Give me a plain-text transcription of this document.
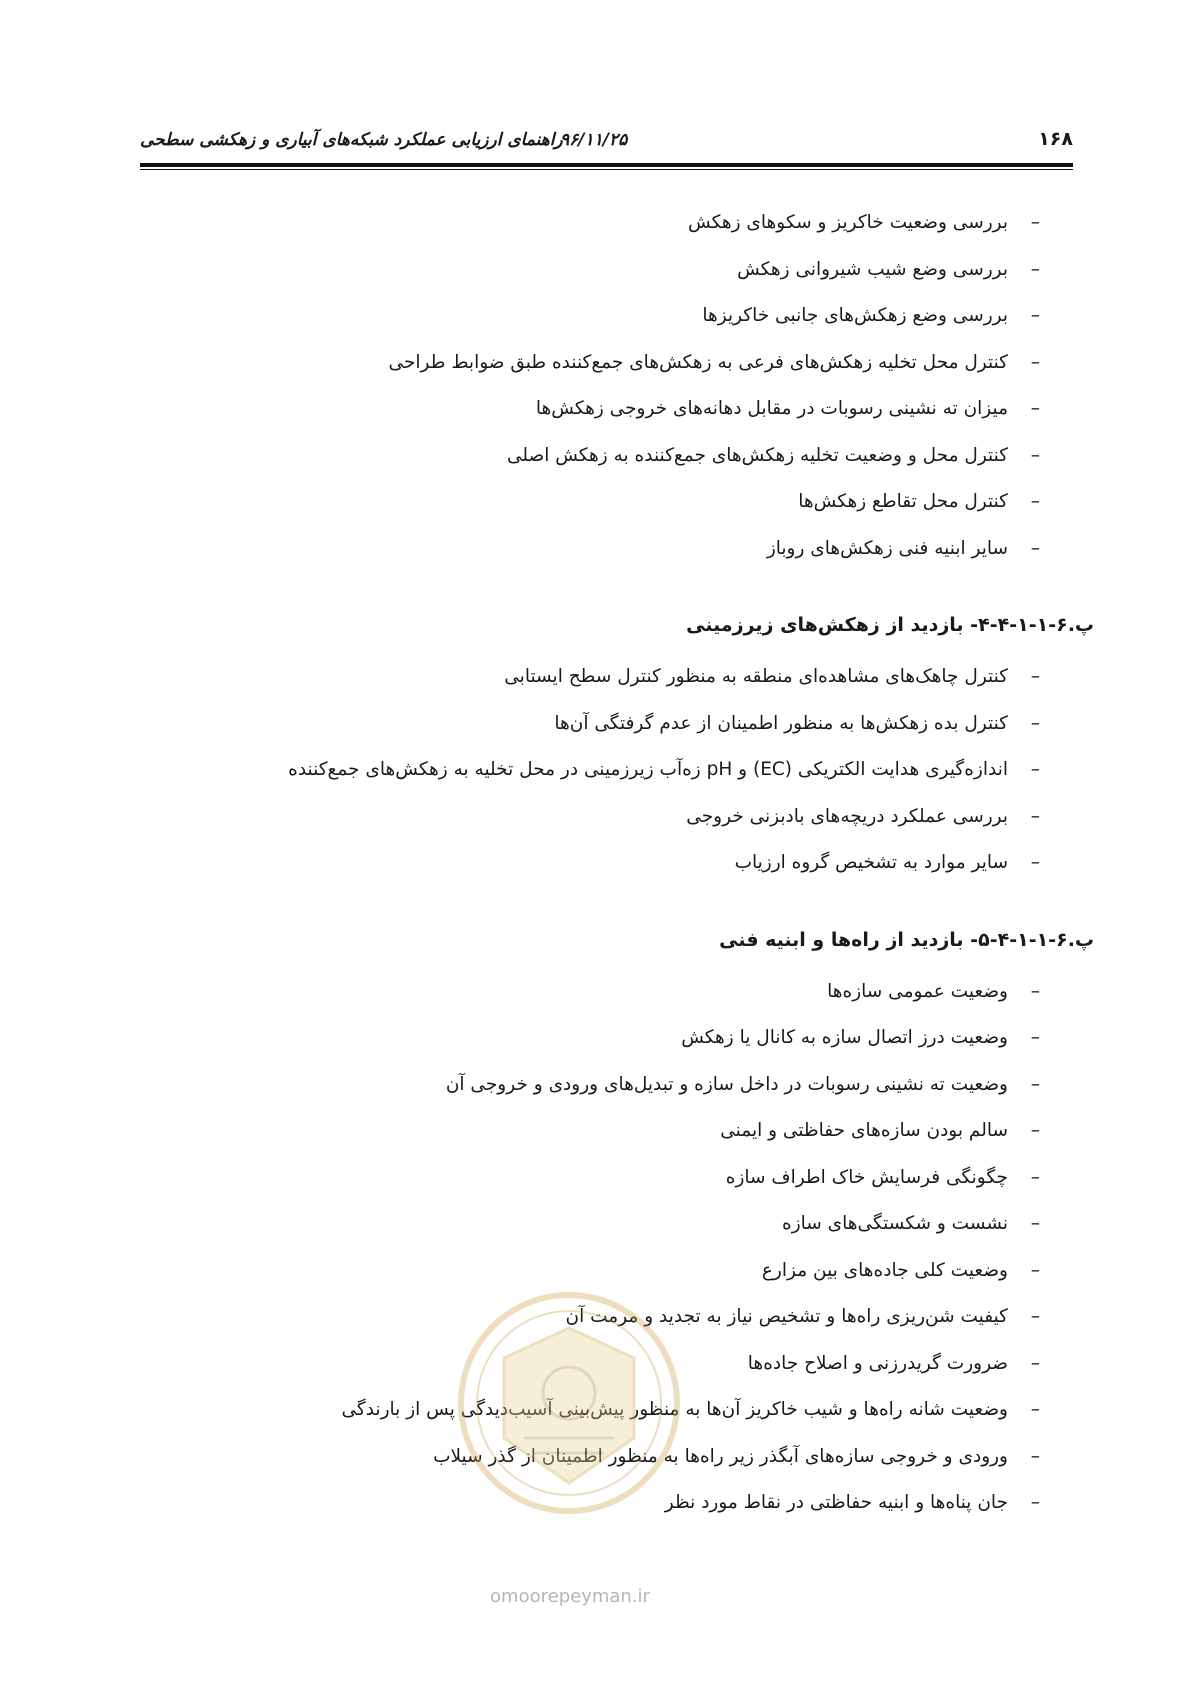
۱۶۸
۹۶/۱۱/۲۵
راهنمای ارزیابی عملکرد شبکه‌های آبیاری و زهکشی سطحی
–
بررسی وضعیت خاکریز و سکوهای زهکش
–
بررسی وضع شیب شیروانی زهکش
–
بررسی وضع زهکش‌های جانبی خاکریزها
–
کنترل محل تخلیه زهکش‌های فرعی به زهکش‌های جمع‌کننده طبق ضوابط طراحی
–
میزان ته نشینی رسوبات در مقابل دهانه‌های خروجی زهکش‌ها
–
کنترل محل و وضعیت تخلیه زهکش‌های جمع‌کننده به زهکش اصلی
–
کنترل محل تقاطع زهکش‌ها
–
سایر ابنیه فنی زهکش‌های روباز
پ.۶-۱-۱-۴-۴- بازدید از زهکش‌های زیرزمینی
–
کنترل چاهک‌های مشاهده‌ای منطقه به منظور کنترل سطح ایستابی
–
کنترل بده زهکش‌ها به منظور اطمینان از عدم گرفتگی آن‌ها
–
اندازه‌گیری هدایت الکتریکی (EC) و pH زه‌آب زیرزمینی در محل تخلیه به زهکش‌های جمع‌کننده
–
بررسی عملکرد دریچه‌های بادبزنی خروجی
–
سایر موارد به تشخیص گروه ارزیاب
پ.۶-۱-۱-۴-۵- بازدید از راه‌ها و ابنیه فنی
–
وضعیت عمومی سازه‌ها
–
وضعیت درز اتصال سازه به کانال یا زهکش
–
وضعیت ته نشینی رسوبات در داخل سازه و تبدیل‌های ورودی و خروجی آن
–
سالم بودن سازه‌های حفاظتی و ایمنی
–
چگونگی فرسایش خاک اطراف سازه
–
نشست و شکستگی‌های سازه
–
وضعیت کلی جاده‌های بین مزارع
–
کیفیت شن‌ریزی راه‌ها و تشخیص نیاز به تجدید و مرمت آن
–
ضرورت گریدرزنی و اصلاح جاده‌ها
–
وضعیت شانه راه‌ها و شیب خاکریز آن‌ها به منظور پیش‌بینی آسیب‌دیدگی پس از بارندگی
–
ورودی و خروجی سازه‌های آبگذر زیر راه‌ها به منظور اطمینان از گذر سیلاب
–
جان پناه‌ها و ابنیه حفاظتی در نقاط مورد نظر
omoorepeyman.ir
